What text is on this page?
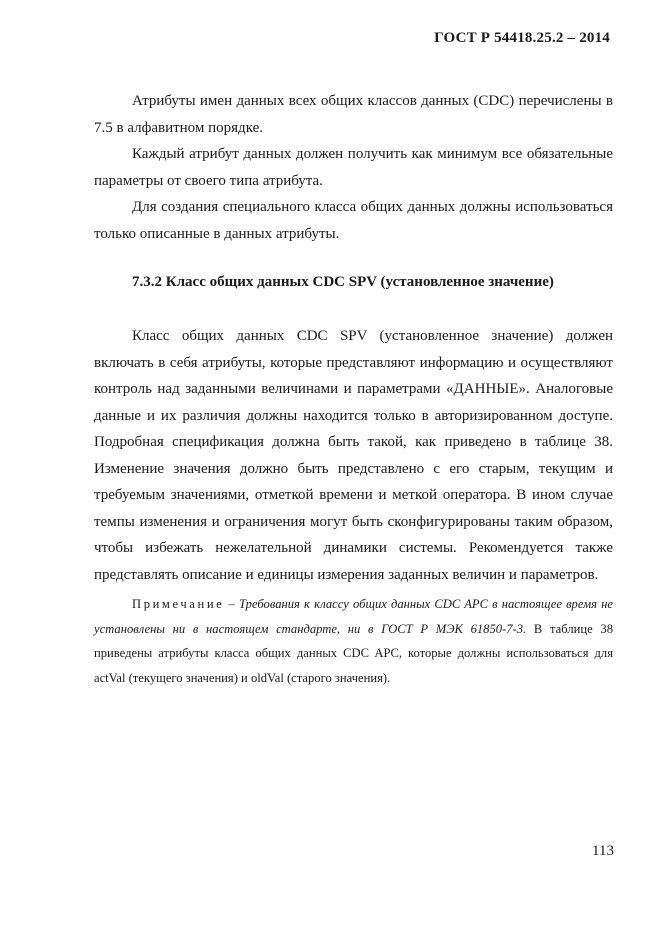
ГОСТ Р 54418.25.2 – 2014

Атрибуты имен данных всех общих классов данных (CDC) перечислены в 7.5 в алфавитном порядке.

Каждый атрибут данных должен получить как минимум все обязательные параметры от своего типа атрибута.

Для создания специального класса общих данных должны использоваться только описанные в данных атрибуты.

7.3.2 Класс общих данных CDC SPV (установленное значение)

Класс общих данных CDC SPV (установленное значение) должен включать в себя атрибуты, которые представляют информацию и осуществляют контроль над заданными величинами и параметрами «ДАННЫЕ». Аналоговые данные и их различия должны находится только в авторизированном доступе. Подробная спецификация должна быть такой, как приведено в таблице 38. Изменение значения должно быть представлено с его старым, текущим и требуемым значениями, отметкой времени и меткой оператора. В ином случае темпы изменения и ограничения могут быть сконфигурированы таким образом, чтобы избежать нежелательной динамики системы. Рекомендуется также представлять описание и единицы измерения заданных величин и параметров.

Примечание – Требования к классу общих данных CDC APC в настоящее время не установлены ни в настоящем стандарте, ни в ГОСТ Р МЭК 61850-7-3. В таблице 38 приведены атрибуты класса общих данных CDC APC, которые должны использоваться для actVal (текущего значения) и oldVal (старого значения).
113
